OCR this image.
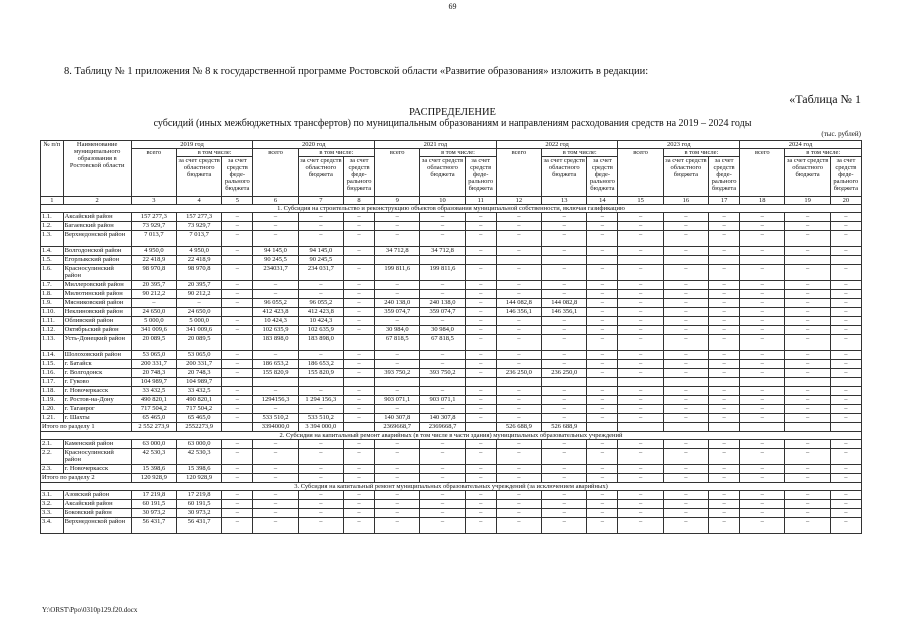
69
8. Таблицу № 1 приложения № 8 к государственной программе Ростовской области «Развитие образования» изложить в редакции:
«Таблица № 1
РАСПРЕДЕЛЕНИЕ
субсидий (иных межбюджетных трансфертов) по муниципальным образованиям и направлениям расходования средств на 2019 – 2024 годы
(тыс. рублей)
№ п/п	Наименование муниципального образования в Ростовской области	2019 год			2020 год			2021 год			2022 год			2023 год			2024 год		
		всего	в том числе:		всего	в том числе:		всего	в том числе:		всего	в том числе:		всего	в том числе:		всего	в том числе:	
			за счет средств областного бюджета	за счет средств феде-рального бюджета		за счет средств областного бюджета	за счет средств феде-рального бюджета		за счет средств областного бюджета	за счет средств феде-рального бюджета		за счет средств областного бюджета	за счет средств феде-рального бюджета		за счет средств областного бюджета	за счет средств феде-рального бюджета		за счет средств областного бюджета	за счет средств феде-рального бюджета
1	2	3	4	5	6	7	8	9	10	11	12	13	14	15	16	17	18	19	20
1. Субсидия на строительство и реконструкцию объектов образования муниципальной собственности, включая газификацию																			
1.1.	Аксайский район	157 277,3	157 277,3	–	–	–	–	–	–	–	–	–	–	–	–	–	–	–	–
1.2.	Багаевский район	73 929,7	73 929,7	–	–	–	–	–	–	–	–	–	–	–	–	–	–	–	–
1.3.	Верхнедонской район	7 013,7	7 013,7	–	–	–	–	–	–	–	–	–	–	–	–	–	–	–	–
1.4.	Волгодонской район	4 950,0	4 950,0	–	94 145,0	94 145,0	–	34 712,8	34 712,8	–	–	–	–	–	–	–	–	–	–
1.5.	Егорлыкский район	22 418,9	22 418,9		90 245,5	90 245,5													
1.6.	Красносулинский район	98 970,8	98 970,8	–	234031,7	234 031,7	–	199 811,6	199 811,6	–	–	–	–	–	–	–	–	–	–
1.7.	Миллеровский район	20 395,7	20 395,7	–	–	–	–	–	–	–	–	–	–	–	–	–	–	–	–
1.8.	Милютинский район	90 212,2	90 212,2	–	–	–	–	–	–	–	–	–	–	–	–	–	–	–	–
1.9.	Мясниковский район	–	–	–	96 055,2	96 055,2	–	240 138,0	240 138,0	–	144 082,8	144 082,8	–	–	–	–	–	–	–
1.10.	Неклиновский район	24 650,0	24 650,0		412 423,8	412 423,8	–	359 074,7	359 074,7	–	146 356,1	146 356,1	–	–	–	–	–	–	–
1.11.	Обливский район	5 000,0	5 000,0	–	10 424,3	10 424,3	–	–	–	–	–	–	–	–	–	–	–	–	–
1.12.	Октябрьский район	341 009,6	341 009,6	–	102 635,9	102 635,9	–	30 984,0	30 984,0	–	–	–	–	–	–	–	–	–	–
1.13.	Усть-Донецкий район	20 089,5	20 089,5		183 898,0	183 898,0		67 818,5	67 818,5	–	–	–	–	–	–	–	–	–	–
1.14.	Шолоховский район	53 065,0	53 065,0	–	–	–	–	–	–	–	–	–	–	–	–	–	–	–	–
1.15.	г. Батайск	200 331,7	200 331,7	–	186 653,2	186 653,2	–	–	–	–	–	–	–	–	–	–	–	–	–
1.16.	г. Волгодонск	20 748,3	20 748,3	–	155 820,9	155 820,9	–	393 750,2	393 750,2	–	236 250,0	236 250,0	–	–	–	–	–	–	–
1.17.	г. Гуково	104 989,7	104 989,7																
1.18.	г. Новочеркасск	33 432,5	33 432,5	–	–	–	–	–	–	–	–	–	–	–	–	–	–	–	–
1.19.	г. Ростов-на-Дону	490 820,1	490 820,1	–	1294156,3	1 294 156,3	–	903 071,1	903 071,1	–	–	–	–	–	–	–	–	–	–
1.20.	г. Таганрог	717 504,2	717 504,2	–	–	–	–	–	–	–	–	–	–	–	–	–	–	–	–
1.21.	г. Шахты	65 465,0	65 465,0	–	533 510,2	533 510,2	–	140 307,8	140 307,8	–	–	–	–	–	–	–	–	–	–
Итого по разделу 1		2 552 273,9	2552273,9		3394000,0	3 394 000,0		2369668,7	2369668,7		526 688,9	526 688,9							
2. Субсидия на капитальный ремонт аварийных (в том числе в части здания) муниципальных образовательных учреждений																			
2.1.	Каменский район	63 000,0	63 000,0	–	–	–	–	–	–	–	–	–	–	–	–	–	–	–	–
2.2.	Красносулинский район	42 530,3	42 530,3	–	–	–	–	–	–	–	–	–	–	–	–	–	–	–	–
2.3.	г. Новочеркасск	15 398,6	15 398,6	–	–	–	–	–	–	–	–	–	–	–	–	–	–	–	–
Итого по разделу 2		120 928,9	120 928,9	–	–	–	–	–	–	–	–	–	–	–	–	–	–	–	–
3. Субсидия на капитальный ремонт муниципальных образовательных учреждений (за исключением аварийных)																			
3.1.	Азовский район	17 219,8	17 219,8	–	–	–	–	–	–	–	–	–	–	–	–	–	–	–	–
3.2.	Аксайский район	60 191,5	60 191,5	–	–	–	–	–	–	–	–	–	–	–	–	–	–	–	–
3.3.	Боковский район	30 973,2	30 973,2	–	–	–	–	–	–	–	–	–	–	–	–	–	–	–	–
3.4.	Верхнедонской район	56 431,7	56 431,7	–	–	–	–	–	–	–	–	–	–	–	–	–	–	–	–
Y:\ORST\Ppo\0310p129.f20.docx
